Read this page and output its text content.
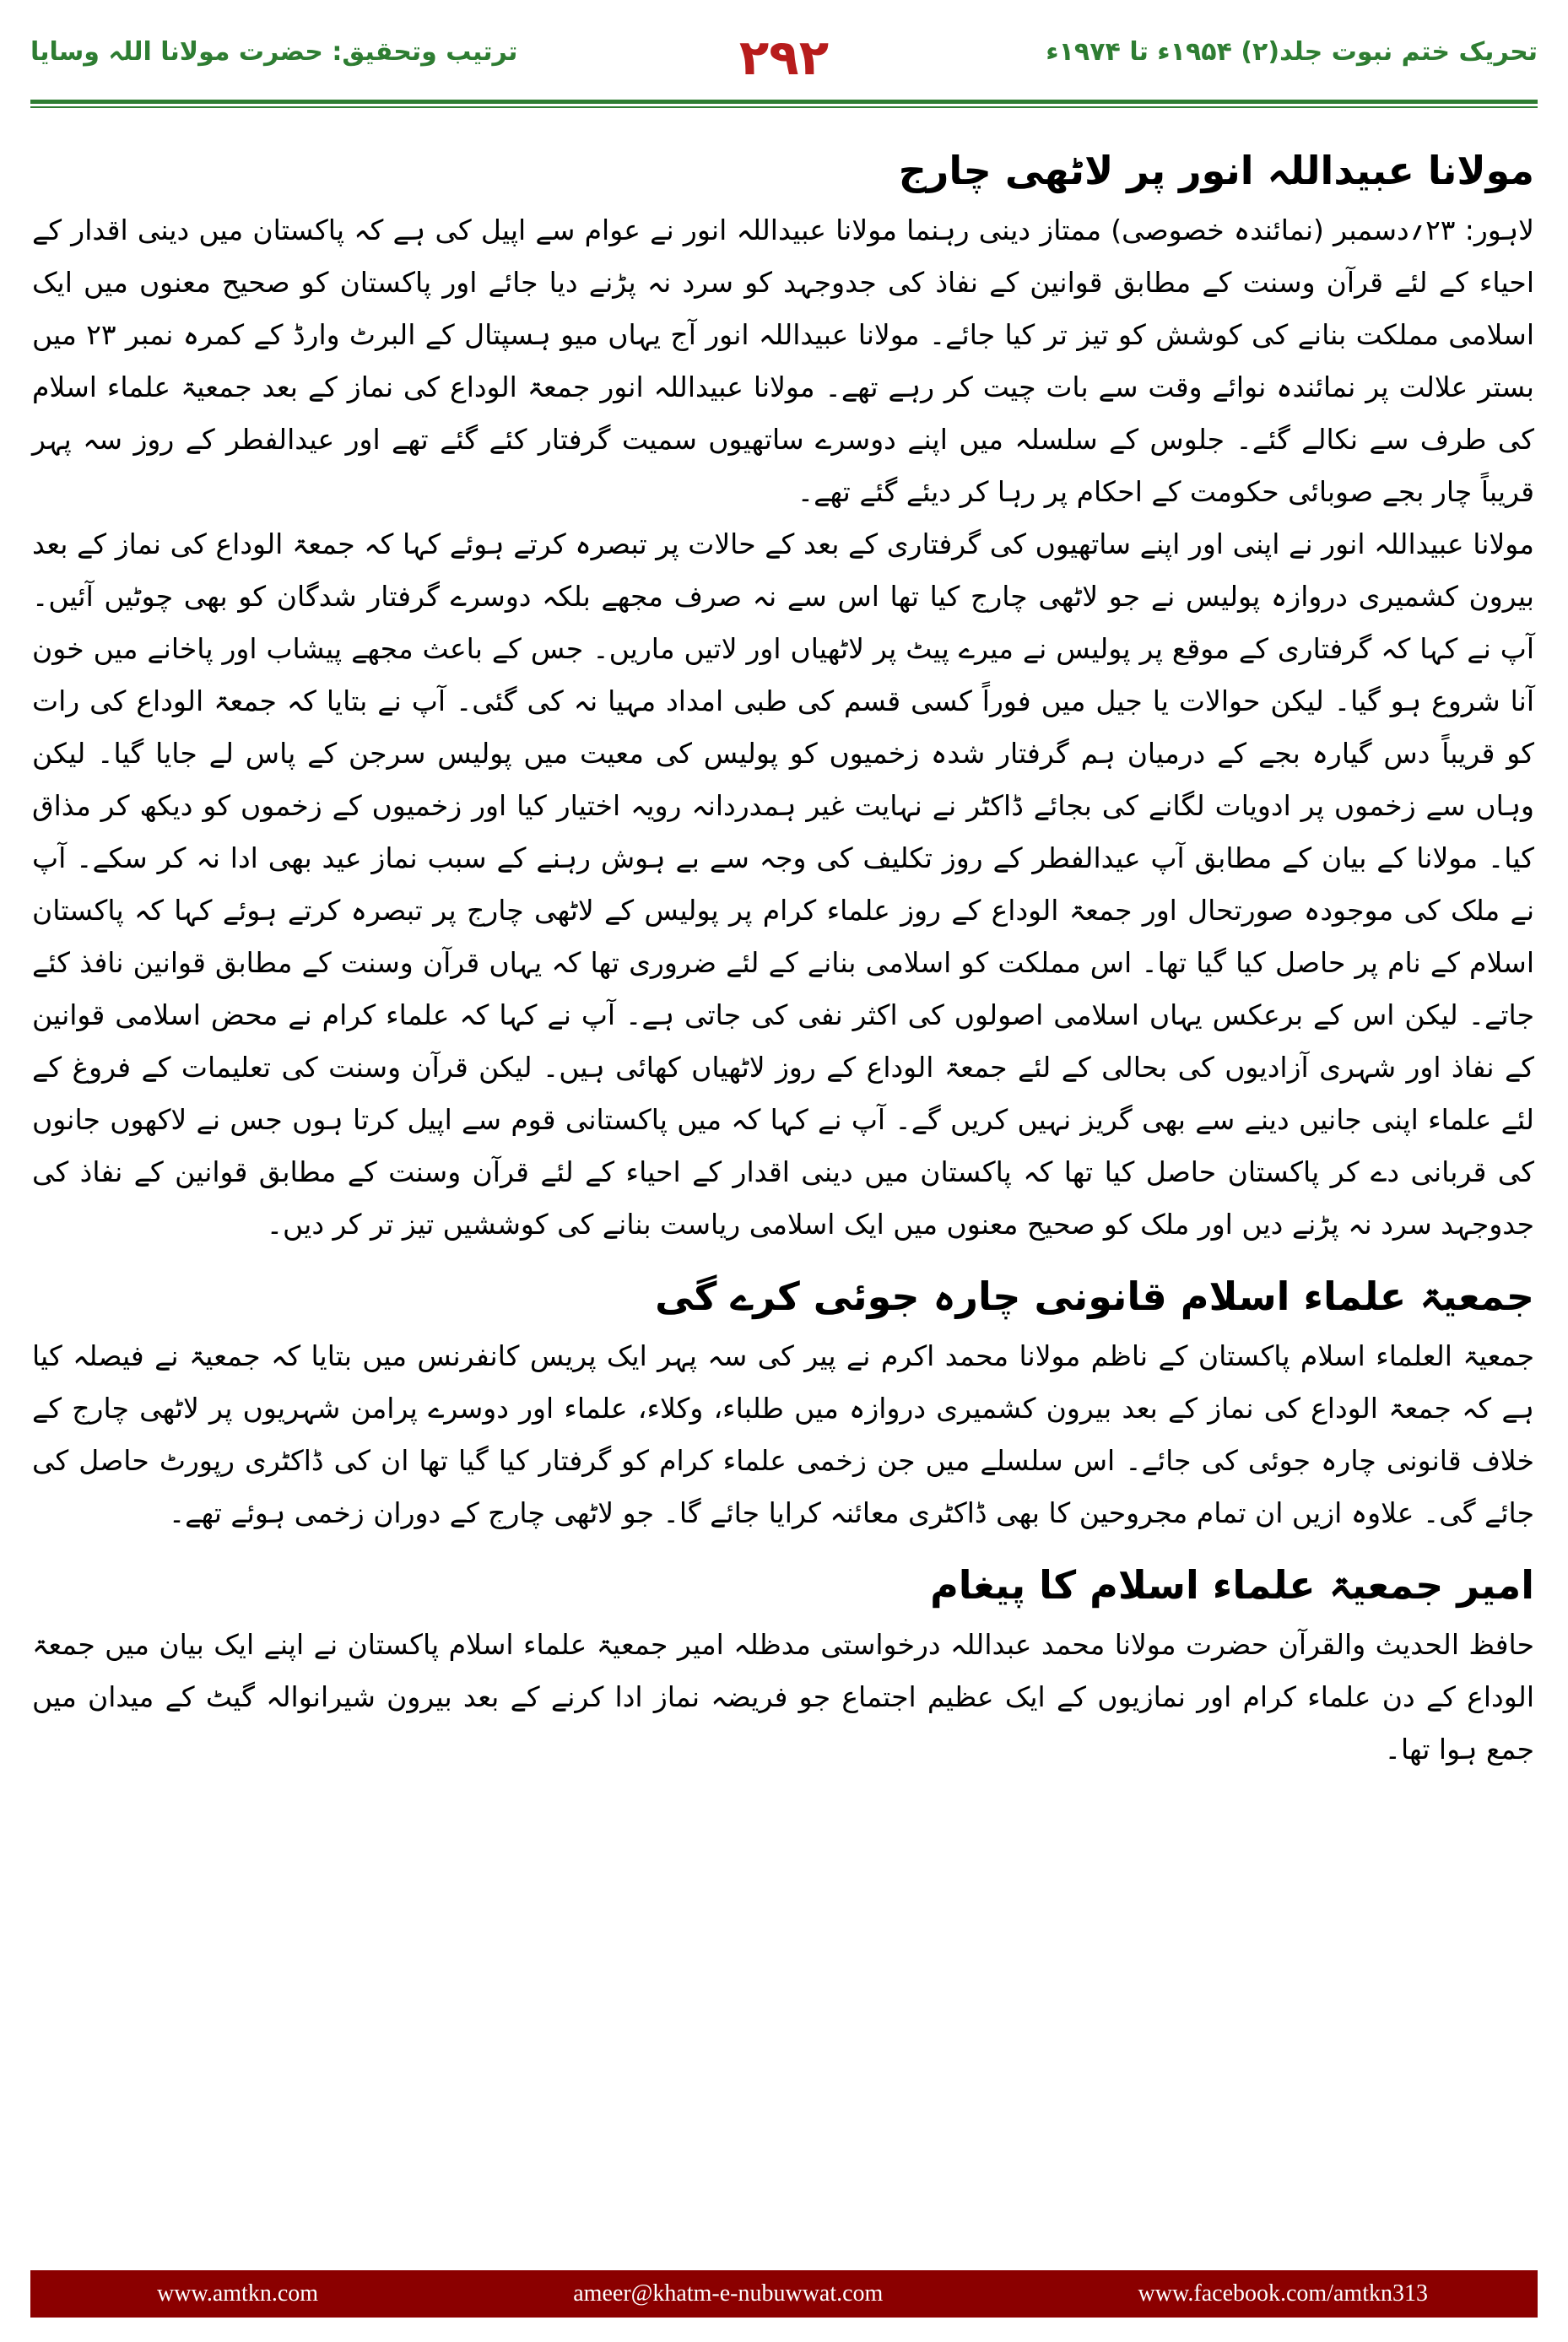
تحریک ختم نبوت جلد(۲) ۱۹۵۴ء تا ۱۹۷۴ء
۲۹۲
ترتیب وتحقیق: حضرت مولانا اللہ وسایا
مولانا عبیداللہ انور پر لاٹھی چارج

لاہور: ۲۳؍دسمبر (نمائندہ خصوصی) ممتاز دینی رہنما مولانا عبیداللہ انور نے عوام سے اپیل کی ہے کہ پاکستان میں دینی اقدار کے احیاء کے لئے قرآن وسنت کے مطابق قوانین کے نفاذ کی جدوجہد کو سرد نہ پڑنے دیا جائے اور پاکستان کو صحیح معنوں میں ایک اسلامی مملکت بنانے کی کوشش کو تیز تر کیا جائے۔ مولانا عبیداللہ انور آج یہاں میو ہسپتال کے البرٹ وارڈ کے کمرہ نمبر ۲۳ میں بستر علالت پر نمائندہ نوائے وقت سے بات چیت کر رہے تھے۔ مولانا عبیداللہ انور جمعۃ الوداع کی نماز کے بعد جمعیۃ علماء اسلام کی طرف سے نکالے گئے۔ جلوس کے سلسلہ میں اپنے دوسرے ساتھیوں سمیت گرفتار کئے گئے تھے اور عیدالفطر کے روز سہ پہر قریباً چار بجے صوبائی حکومت کے احکام پر رہا کر دیئے گئے تھے۔

مولانا عبیداللہ انور نے اپنی اور اپنے ساتھیوں کی گرفتاری کے بعد کے حالات پر تبصرہ کرتے ہوئے کہا کہ جمعۃ الوداع کی نماز کے بعد بیرون کشمیری دروازہ پولیس نے جو لاٹھی چارج کیا تھا اس سے نہ صرف مجھے بلکہ دوسرے گرفتار شدگان کو بھی چوٹیں آئیں۔ آپ نے کہا کہ گرفتاری کے موقع پر پولیس نے میرے پیٹ پر لاٹھیاں اور لاتیں ماریں۔ جس کے باعث مجھے پیشاب اور پاخانے میں خون آنا شروع ہو گیا۔ لیکن حوالات یا جیل میں فوراً کسی قسم کی طبی امداد مہیا نہ کی گئی۔ آپ نے بتایا کہ جمعۃ الوداع کی رات کو قریباً دس گیارہ بجے کے درمیان ہم گرفتار شدہ زخمیوں کو پولیس کی معیت میں پولیس سرجن کے پاس لے جایا گیا۔ لیکن وہاں سے زخموں پر ادویات لگانے کی بجائے ڈاکٹر نے نہایت غیر ہمدردانہ رویہ اختیار کیا اور زخمیوں کے زخموں کو دیکھ کر مذاق کیا۔ مولانا کے بیان کے مطابق آپ عیدالفطر کے روز تکلیف کی وجہ سے بے ہوش رہنے کے سبب نماز عید بھی ادا نہ کر سکے۔ آپ نے ملک کی موجودہ صورتحال اور جمعۃ الوداع کے روز علماء کرام پر پولیس کے لاٹھی چارج پر تبصرہ کرتے ہوئے کہا کہ پاکستان اسلام کے نام پر حاصل کیا گیا تھا۔ اس مملکت کو اسلامی بنانے کے لئے ضروری تھا کہ یہاں قرآن وسنت کے مطابق قوانین نافذ کئے جاتے۔ لیکن اس کے برعکس یہاں اسلامی اصولوں کی اکثر نفی کی جاتی ہے۔ آپ نے کہا کہ علماء کرام نے محض اسلامی قوانین کے نفاذ اور شہری آزادیوں کی بحالی کے لئے جمعۃ الوداع کے روز لاٹھیاں کھائی ہیں۔ لیکن قرآن وسنت کی تعلیمات کے فروغ کے لئے علماء اپنی جانیں دینے سے بھی گریز نہیں کریں گے۔ آپ نے کہا کہ میں پاکستانی قوم سے اپیل کرتا ہوں جس نے لاکھوں جانوں کی قربانی دے کر پاکستان حاصل کیا تھا کہ پاکستان میں دینی اقدار کے احیاء کے لئے قرآن وسنت کے مطابق قوانین کے نفاذ کی جدوجہد سرد نہ پڑنے دیں اور ملک کو صحیح معنوں میں ایک اسلامی ریاست بنانے کی کوششیں تیز تر کر دیں۔

جمعیۃ علماء اسلام قانونی چارہ جوئی کرے گی

جمعیۃ العلماء اسلام پاکستان کے ناظم مولانا محمد اکرم نے پیر کی سہ پہر ایک پریس کانفرنس میں بتایا کہ جمعیۃ نے فیصلہ کیا ہے کہ جمعۃ الوداع کی نماز کے بعد بیرون کشمیری دروازہ میں طلباء، وکلاء، علماء اور دوسرے پرامن شہریوں پر لاٹھی چارج کے خلاف قانونی چارہ جوئی کی جائے۔ اس سلسلے میں جن زخمی علماء کرام کو گرفتار کیا گیا تھا ان کی ڈاکٹری رپورٹ حاصل کی جائے گی۔ علاوہ ازیں ان تمام مجروحین کا بھی ڈاکٹری معائنہ کرایا جائے گا۔ جو لاٹھی چارج کے دوران زخمی ہوئے تھے۔

امیر جمعیۃ علماء اسلام کا پیغام

حافظ الحدیث والقرآن حضرت مولانا محمد عبداللہ درخواستی مدظلہ امیر جمعیۃ علماء اسلام پاکستان نے اپنے ایک بیان میں جمعۃ الوداع کے دن علماء کرام اور نمازیوں کے ایک عظیم اجتماع جو فریضہ نماز ادا کرنے کے بعد بیرون شیرانوالہ گیٹ کے میدان میں جمع ہوا تھا۔

www.amtkn.com	ameer@khatm-e-nubuwwat.com	www.facebook.com/amtkn313
